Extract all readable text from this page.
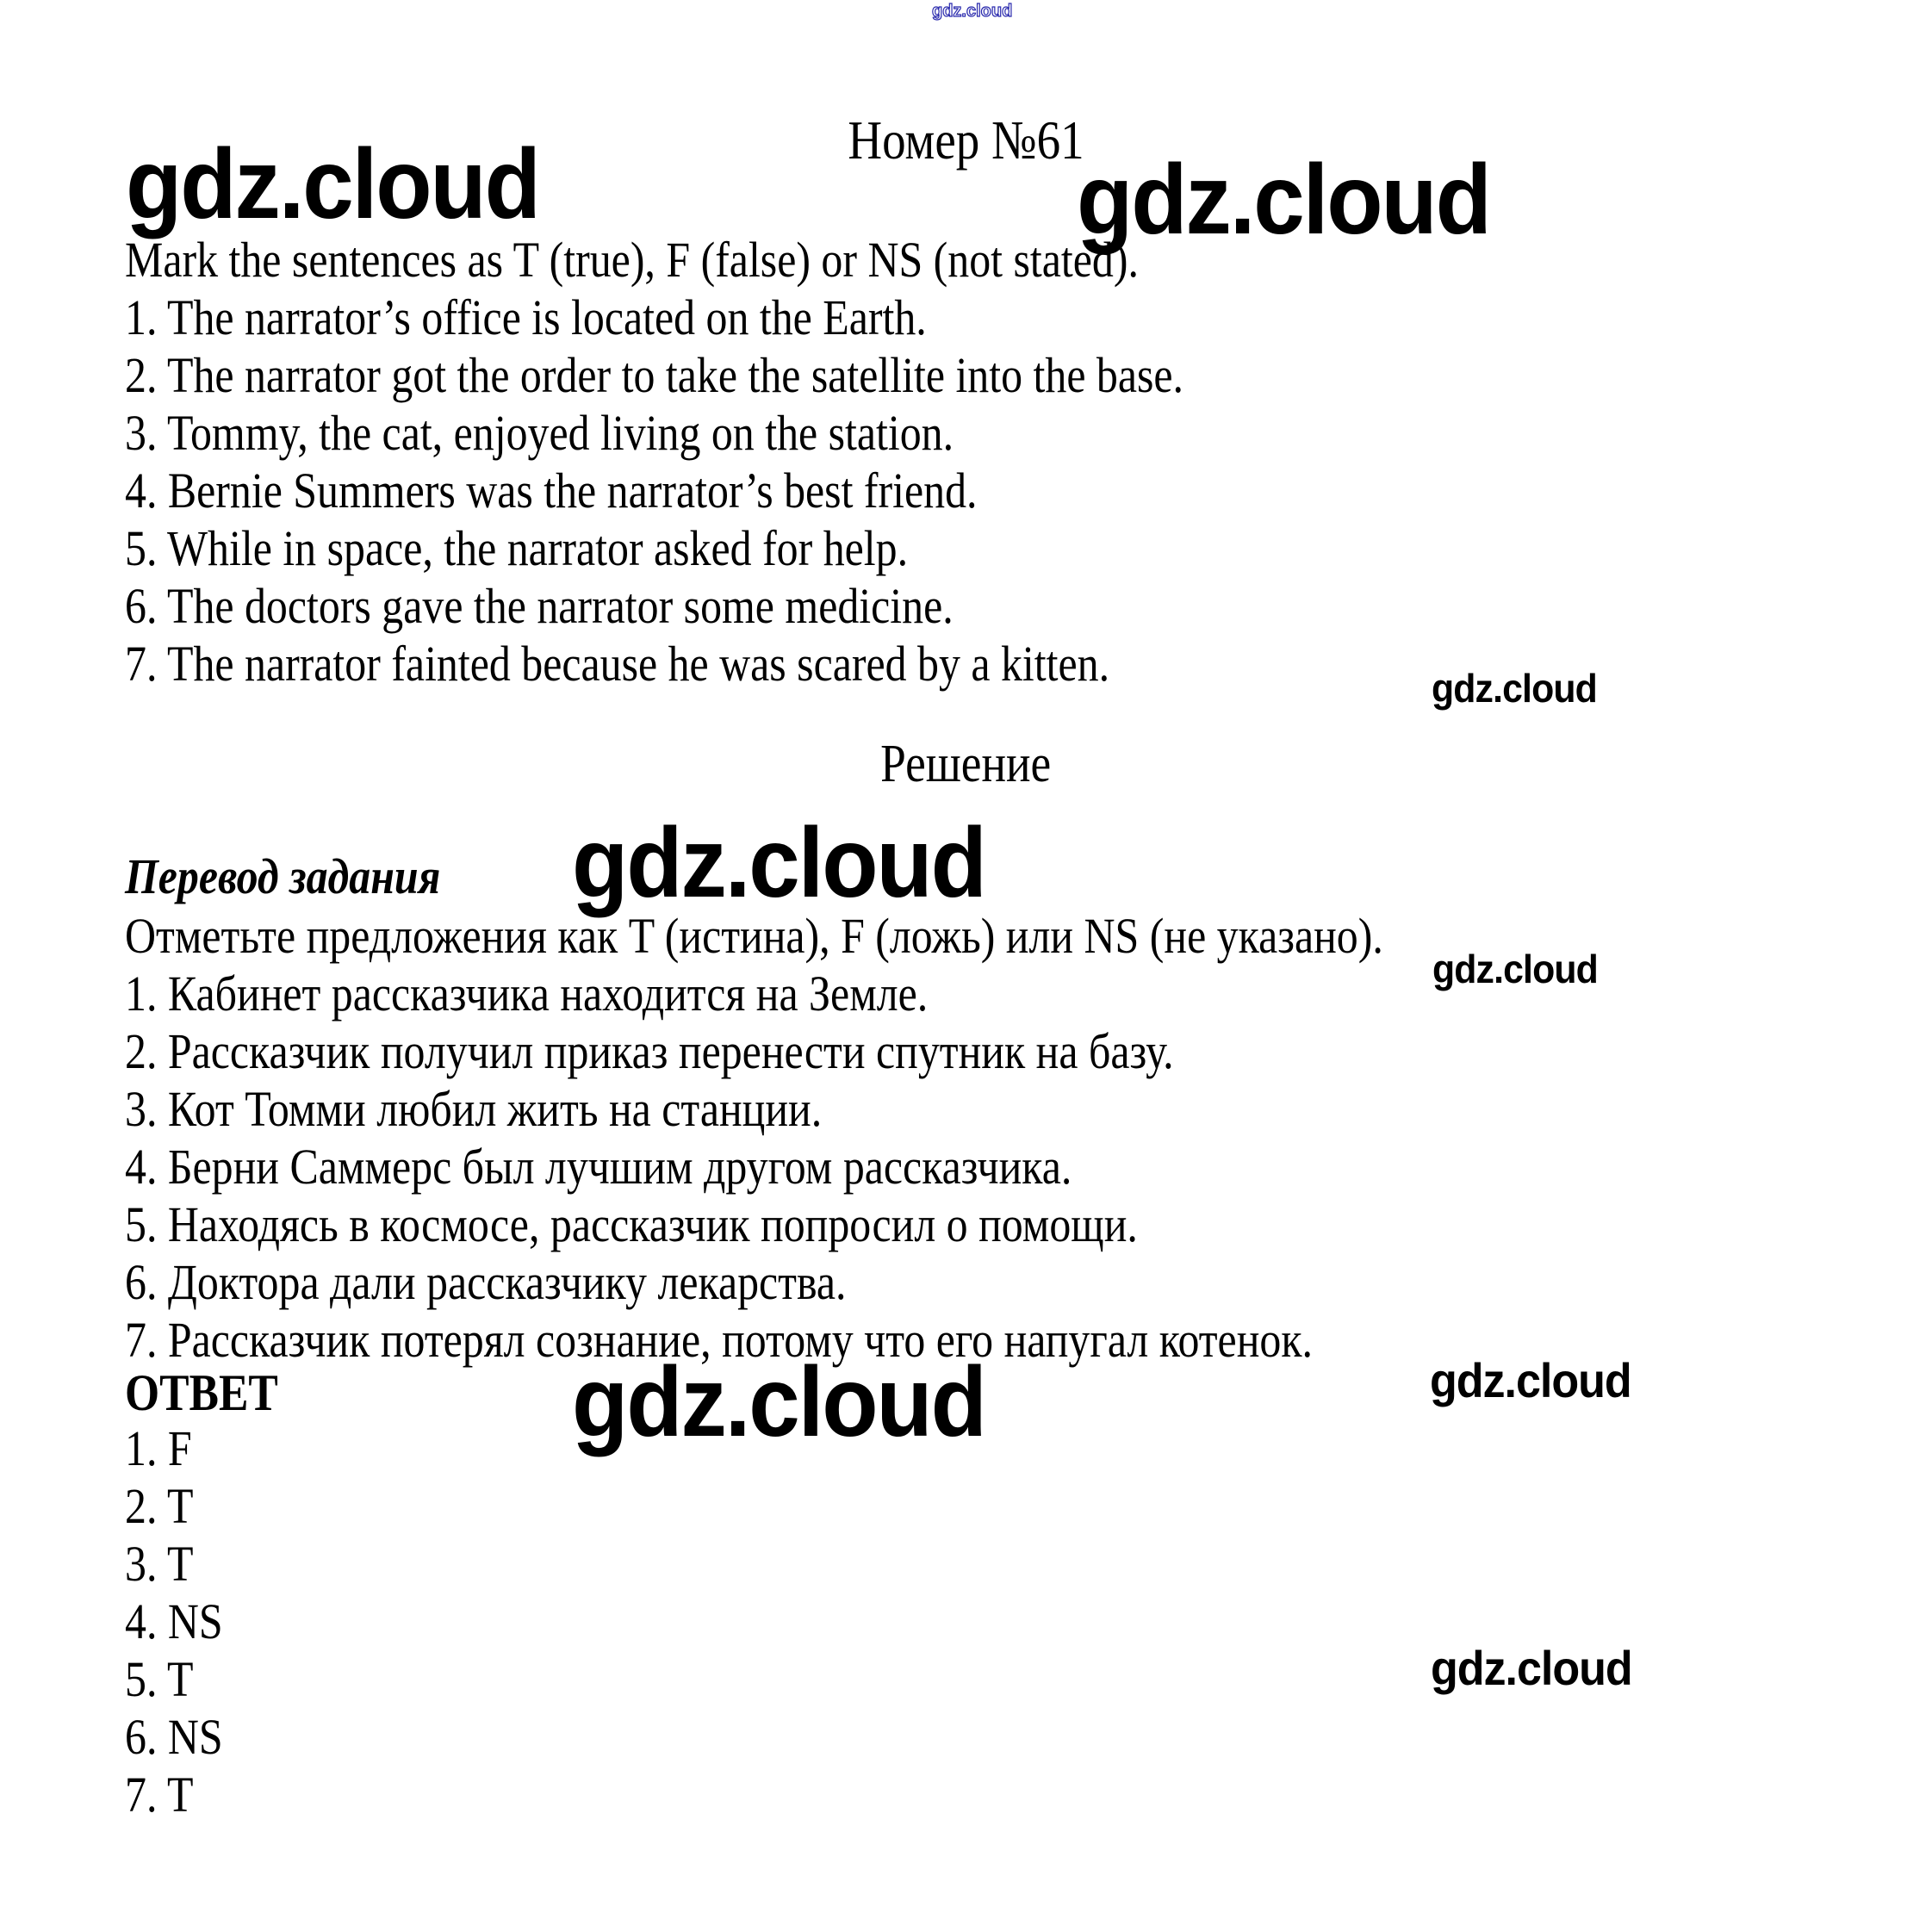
gdz.cloud
gdz.cloud	gdz.cloud
gdz.cloud
gdz.cloud
gdz.cloud
gdz.cloud	gdz.cloud
gdz.cloud
Номер №61
Mark the sentences as T (true), F (false) or NS (not stated).
1. The narrator’s office is located on the Earth.
2. The narrator got the order to take the satellite into the base.
3. Tommy, the cat, enjoyed living on the station.
4. Bernie Summers was the narrator’s best friend.
5. While in space, the narrator asked for help.
6. The doctors gave the narrator some medicine.
7. The narrator fainted because he was scared by a kitten.
Решение
Перевод задания
Отметьте предложения как T (истина), F (ложь) или NS (не указано).
1. Кабинет рассказчика находится на Земле.
2. Рассказчик получил приказ перенести спутник на базу.
3. Кот Томми любил жить на станции.
4. Берни Саммерс был лучшим другом рассказчика.
5. Находясь в космосе, рассказчик попросил о помощи.
6. Доктора дали рассказчику лекарства.
7. Рассказчик потерял сознание, потому что его напугал котенок.
ОТВЕТ
1. F
2. T
3. T
4. NS
5. T
6. NS
7. T
